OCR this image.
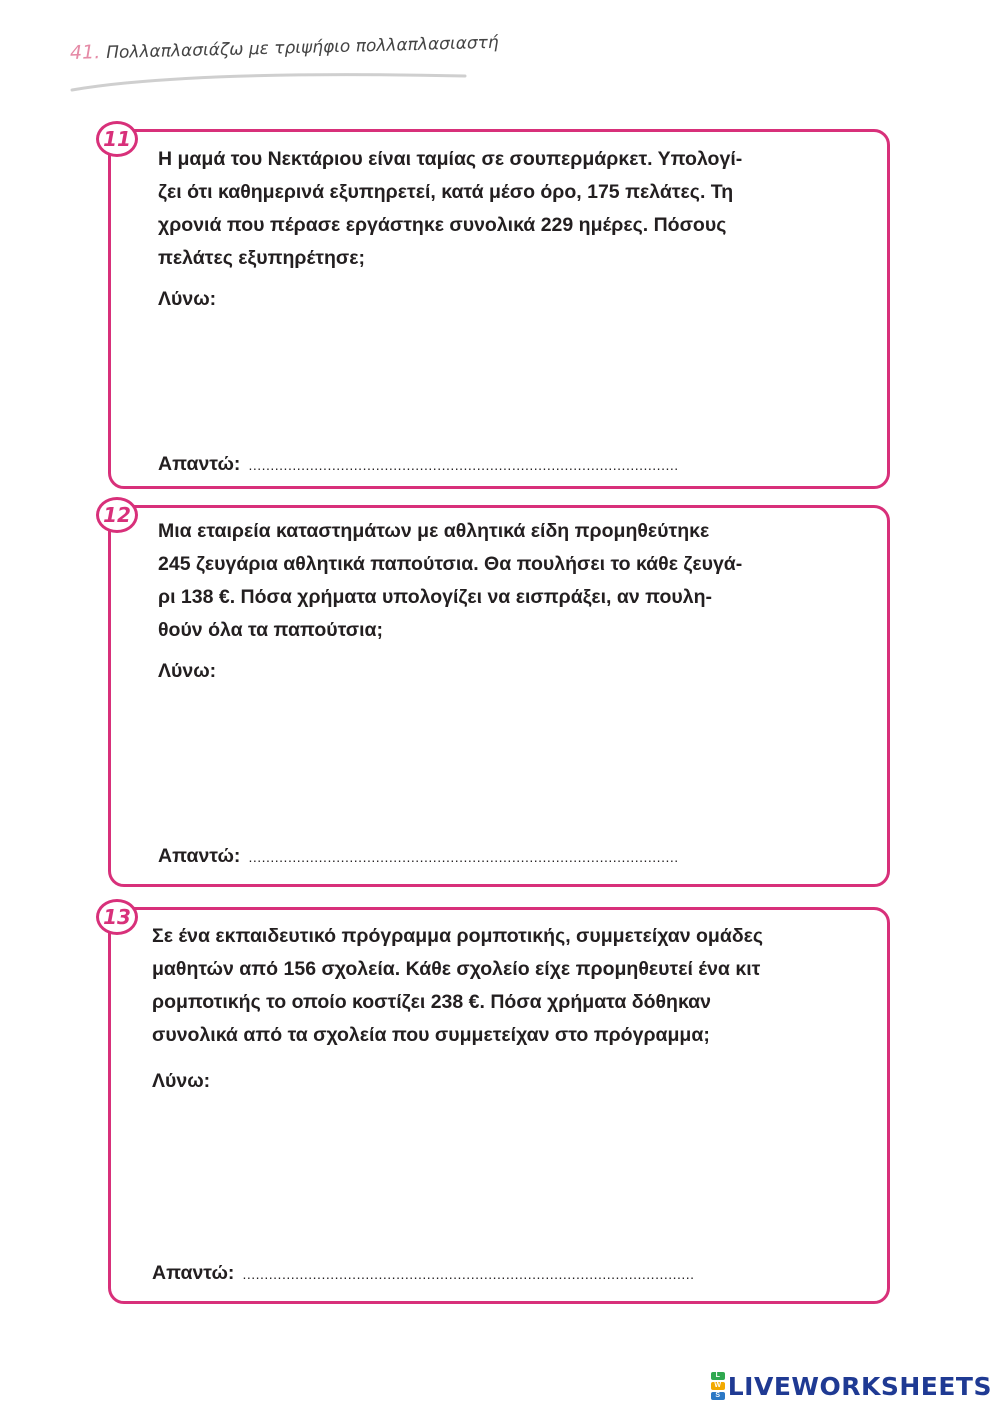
41. Πολλαπλασιάζω με τριψήφιο πολλαπλασιαστή
11
Η μαμά του Νεκτάριου είναι ταμίας σε σουπερμάρκετ. Υπολογί-
ζει ότι καθημερινά εξυπηρετεί, κατά μέσο όρο, 175 πελάτες. Τη
χρονιά που πέρασε εργάστηκε συνολικά 229 ημέρες. Πόσους
πελάτες εξυπηρέτησε;
Λύνω:
Απαντώ: ..................................................................................................
12
Μια εταιρεία καταστημάτων με αθλητικά είδη προμηθεύτηκε
245 ζευγάρια αθλητικά παπούτσια. Θα πουλήσει το κάθε ζευγά-
ρι 138 €. Πόσα χρήματα υπολογίζει να εισπράξει, αν πουλη-
θούν όλα τα παπούτσια;
Λύνω:
Απαντώ: ..................................................................................................
13
Σε ένα εκπαιδευτικό πρόγραμμα ρομποτικής, συμμετείχαν ομάδες
μαθητών από 156 σχολεία. Κάθε σχολείο είχε προμηθευτεί ένα κιτ
ρομποτικής το οποίο κοστίζει 238 €. Πόσα χρήματα δόθηκαν
συνολικά από τα σχολεία που συμμετείχαν στο πρόγραμμα;
Λύνω:
Απαντώ: .......................................................................................................
L
W
S LIVEWORKSHEETS
